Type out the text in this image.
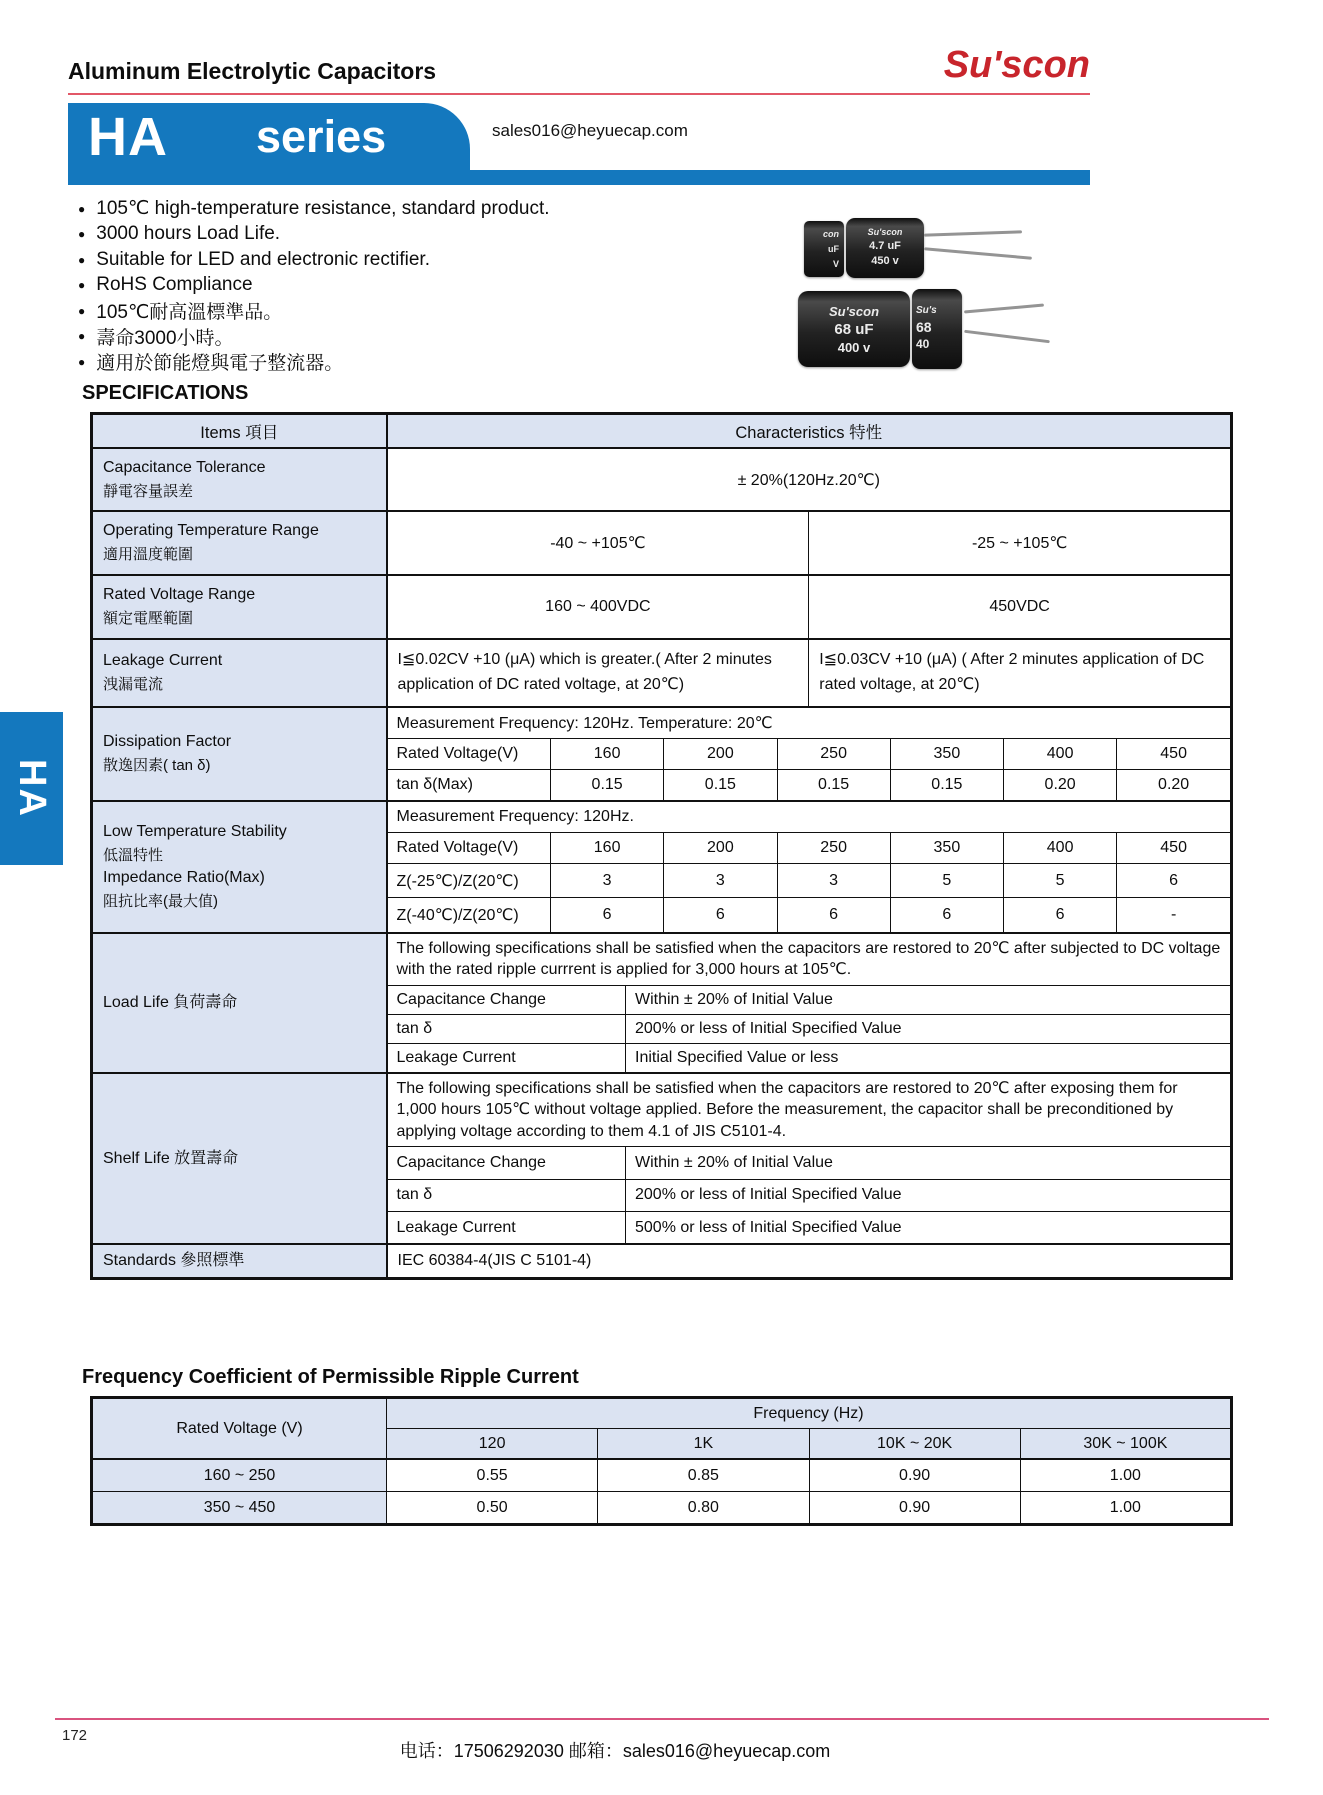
Aluminum Electrolytic Capacitors	Su'scon
HA series	sales016@heyuecap.com
● 105℃ high-temperature resistance, standard product.
● 3000 hours Load Life.
● Suitable for LED and electronic rectifier.
● RoHS Compliance
● 105℃耐高溫標準品。
● 壽命3000小時。
● 適用於節能燈與電子整流器。
con
uF
V
Su'scon
4.7 uF
450 v
Su'scon
68 uF
400 v
Su's
68
40
SPECIFICATIONS
Items 項目	Characteristics 特性

Capacitance Tolerance
靜電容量誤差
	± 20%(120Hz.20℃)

Operating Temperature Range
適用溫度範圍

-40 ~ +105℃	-25 ~ +105℃

Rated Voltage Range
額定電壓範圍

160 ~ 400VDC	450VDC

Leakage Current
洩漏電流

I≦0.02CV +10 (μA) which is greater.( After 2 minutes application of DC rated voltage, at 20℃)	I≦0.03CV +10 (μA) ( After 2 minutes application of DC rated voltage, at 20℃)

Dissipation Factor
散逸因素( tan δ)

Measurement Frequency: 120Hz. Temperature: 20℃
Rated Voltage(V)	160	200	250	350	400	450
tan δ(Max)	0.15	0.15	0.15	0.15	0.20	0.20

Low Temperature Stability
低溫特性
Impedance Ratio(Max)
阻抗比率(最大值)

Measurement Frequency: 120Hz.
Rated Voltage(V)	160	200	250	350	400	450
Z(-25℃)/Z(20℃)	3	3	3	5	5	6
Z(-40℃)/Z(20℃)	6	6	6	6	6	-

Load Life 負荷壽命

The following specifications shall be satisfied when the capacitors are restored to 20℃ after subjected to DC voltage with the rated ripple currrent is applied for 3,000 hours at 105℃.
Capacitance Change	Within ± 20% of Initial Value
tan δ	200% or less of Initial Specified Value
Leakage Current	Initial Specified Value or less

Shelf Life 放置壽命

The following specifications shall be satisfied when the capacitors are restored to 20℃ after exposing them for 1,000 hours 105℃ without voltage applied. Before the measurement, the capacitor shall be preconditioned by applying voltage according to them 4.1 of JIS C5101-4.
Capacitance Change	Within ± 20% of Initial Value
tan δ	200% or less of Initial Specified Value
Leakage Current	500% or less of Initial Specified Value

Standards 參照標準	IEC 60384-4(JIS C 5101-4)
Frequency Coefficient of Permissible Ripple Current
Rated Voltage (V)	Frequency (Hz)			
	120	1K	10K ~ 20K	30K ~ 100K
160 ~ 250	0.55	0.85	0.90	1.00
350 ~ 450	0.50	0.80	0.90	1.00
HA
172
电话：17506292030 邮箱：sales016@heyuecap.com
